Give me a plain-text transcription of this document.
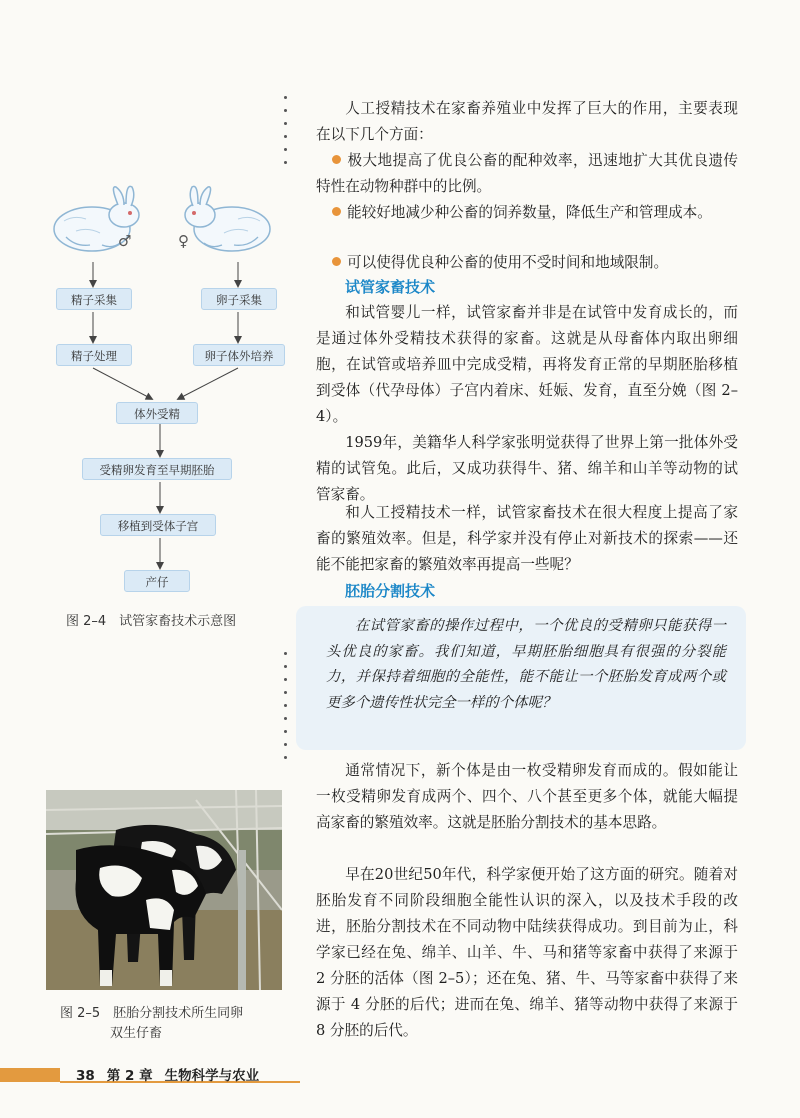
♂	♀
精子采集	卵子采集
精子处理	卵子体外培养
体外受精
受精卵发育至早期胚胎
移植到受体子宫
产仔
图 2–4　试管家畜技术示意图
图 2–5　胚胎分割技术所生同卵
双生仔畜

人工授精技术在家畜养殖业中发挥了巨大的作用，主要表现在以下几个方面：

极大地提高了优良公畜的配种效率，迅速地扩大其优良遗传特性在动物种群中的比例。
能较好地减少种公畜的饲养数量，降低生产和管理成本。
可以使得优良种公畜的使用不受时间和地域限制。
试管家畜技术

和试管婴儿一样，试管家畜并非是在试管中发育成长的，而是通过体外受精技术获得的家畜。这就是从母畜体内取出卵细胞，在试管或培养皿中完成受精，再将发育正常的早期胚胎移植到受体（代孕母体）子宫内着床、妊娠、发育，直至分娩（图 2–4）。

1959年，美籍华人科学家张明觉获得了世界上第一批体外受精的试管兔。此后，又成功获得牛、猪、绵羊和山羊等动物的试管家畜。

和人工授精技术一样，试管家畜技术在很大程度上提高了家畜的繁殖效率。但是，科学家并没有停止对新技术的探索——还能不能把家畜的繁殖效率再提高一些呢？

胚胎分割技术

在试管家畜的操作过程中，一个优良的受精卵只能获得一头优良的家畜。我们知道，早期胚胎细胞具有很强的分裂能力，并保持着细胞的全能性，能不能让一个胚胎发育成两个或更多个遗传性状完全一样的个体呢？

通常情况下，新个体是由一枚受精卵发育而成的。假如能让一枚受精卵发育成两个、四个、八个甚至更多个体，就能大幅提高家畜的繁殖效率。这就是胚胎分割技术的基本思路。

早在20世纪50年代，科学家便开始了这方面的研究。随着对胚胎发育不同阶段细胞全能性认识的深入，以及技术手段的改进，胚胎分割技术在不同动物中陆续获得成功。到目前为止，科学家已经在兔、绵羊、山羊、牛、马和猪等家畜中获得了来源于 2 分胚的活体（图 2–5）；还在兔、猪、牛、马等家畜中获得了来源于 4 分胚的后代；进而在兔、绵羊、猪等动物中获得了来源于 8 分胚的后代。

38 第 2 章 生物科学与农业
